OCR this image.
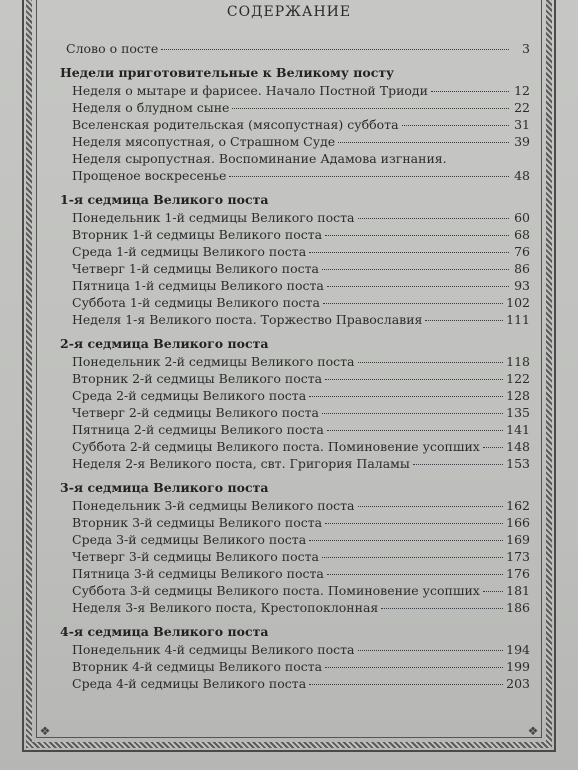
❖	❖
СОДЕРЖАНИЕ
Слово о посте	3
Недели приготовительные к Великому посту
Неделя о мытаре и фарисее. Начало Постной Триоди	12
Неделя о блудном сыне	22
Вселенская родительская (мясопустная) суббота	31
Неделя мясопустная, о Страшном Суде	39
Неделя сыропустная. Воспоминание Адамова изгнания.
Прощеное воскресенье	48
1-я седмица Великого поста
Понедельник 1-й седмицы Великого поста	60
Вторник 1-й седмицы Великого поста	68
Среда 1-й седмицы Великого поста	76
Четверг 1-й седмицы Великого поста	86
Пятница 1-й седмицы Великого поста	93
Суббота 1-й седмицы Великого поста	102
Неделя 1-я Великого поста. Торжество Православия	111
2-я седмица Великого поста
Понедельник 2-й седмицы Великого поста	118
Вторник 2-й седмицы Великого поста	122
Среда 2-й седмицы Великого поста	128
Четверг 2-й седмицы Великого поста	135
Пятница 2-й седмицы Великого поста	141
Суббота 2-й седмицы Великого поста. Поминовение усопших 148
Неделя 2-я Великого поста, свт. Григория Паламы	153
3-я седмица Великого поста
Понедельник 3-й седмицы Великого поста	162
Вторник 3-й седмицы Великого поста	166
Среда 3-й седмицы Великого поста	169
Четверг 3-й седмицы Великого поста	173
Пятница 3-й седмицы Великого поста	176
Суббота 3-й седмицы Великого поста. Поминовение усопших 181
Неделя 3-я Великого поста, Крестопоклонная	186
4-я седмица Великого поста
Понедельник 4-й седмицы Великого поста	194
Вторник 4-й седмицы Великого поста	199
Среда 4-й седмицы Великого поста	203
